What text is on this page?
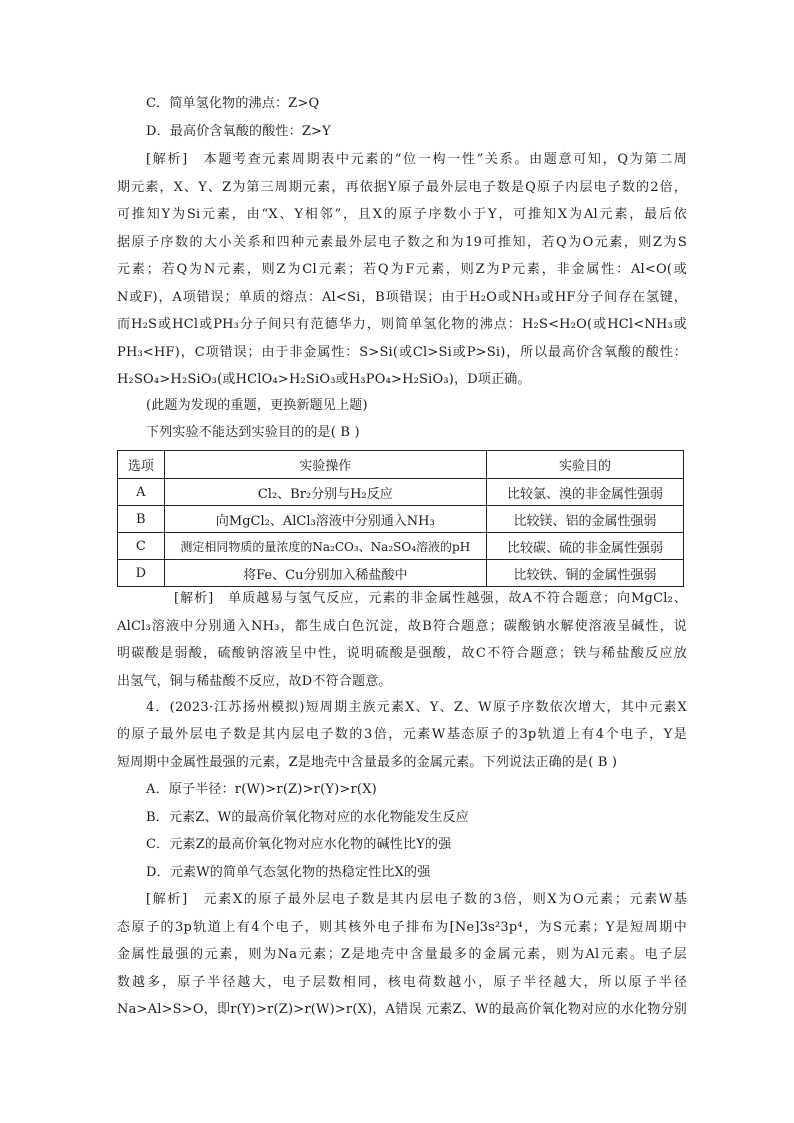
C．简单氢化物的沸点：Z>Q
D．最高价含氧酸的酸性：Z>Y
[解析]　本题考查元素周期表中元素的“位一构一性”关系。由题意可知，Q为第二周
期元素，X、Y、Z为第三周期元素，再依据Y原子最外层电子数是Q原子内层电子数的2倍，
可推知Y为Si元素，由“X、Y相邻”，且X的原子序数小于Y，可推知X为Al元素，最后依
据原子序数的大小关系和四种元素最外层电子数之和为19可推知，若Q为O元素，则Z为S
元素；若Q为N元素，则Z为Cl元素；若Q为F元素，则Z为P元素，非金属性：Al<O(或
N或F)，A项错误；单质的熔点：Al<Si，B项错误；由于H₂O或NH₃或HF分子间存在氢键，
而H₂S或HCl或PH₃分子间只有范德华力，则简单氢化物的沸点：H₂S<H₂O(或HCl<NH₃或
PH₃<HF)，C项错误；由于非金属性：S>Si(或Cl>Si或P>Si)，所以最高价含氧酸的酸性：
H₂SO₄>H₂SiO₃(或HClO₄>H₂SiO₃或H₃PO₄>H₂SiO₃)，D项正确。
(此题为发现的重题，更换新题见上题)
下列实验不能达到实验目的的是( B )
选项	实验操作	实验目的
A	Cl₂、Br₂分别与H₂反应	比较氯、溴的非金属性强弱
B	向MgCl₂、AlCl₃溶液中分别通入NH₃	比较镁、铝的金属性强弱
C	测定相同物质的量浓度的Na₂CO₃、Na₂SO₄溶液的pH	比较碳、硫的非金属性强弱
D	将Fe、Cu分别加入稀盐酸中	比较铁、铜的金属性强弱
[解析]　单质越易与氢气反应，元素的非金属性越强，故A不符合题意；向MgCl₂、
AlCl₃溶液中分别通入NH₃，都生成白色沉淀，故B符合题意；碳酸钠水解使溶液呈碱性，说
明碳酸是弱酸，硫酸钠溶液呈中性，说明硫酸是强酸，故C不符合题意；铁与稀盐酸反应放
出氢气，铜与稀盐酸不反应，故D不符合题意。
4．(2023·江苏扬州模拟)短周期主族元素X、Y、Z、W原子序数依次增大，其中元素X
的原子最外层电子数是其内层电子数的3倍，元素W基态原子的3p轨道上有4个电子，Y是
短周期中金属性最强的元素，Z是地壳中含量最多的金属元素。下列说法正确的是( B )
A．原子半径：r(W)>r(Z)>r(Y)>r(X)
B．元素Z、W的最高价氧化物对应的水化物能发生反应
C．元素Z的最高价氧化物对应水化物的碱性比Y的强
D．元素W的简单气态氢化物的热稳定性比X的强
[解析]　元素X的原子最外层电子数是其内层电子数的3倍，则X为O元素；元素W基
态原子的3p轨道上有4个电子，则其核外电子排布为[Ne]3s²3p⁴，为S元素；Y是短周期中
金属性最强的元素，则为Na元素；Z是地壳中含量最多的金属元素，则为Al元素。电子层
数越多，原子半径越大，电子层数相同，核电荷数越小，原子半径越大，所以原子半径
Na>Al>S>O，即r(Y)>r(Z)>r(W)>r(X)，A错误 元素Z、W的最高价氧化物对应的水化物分别
